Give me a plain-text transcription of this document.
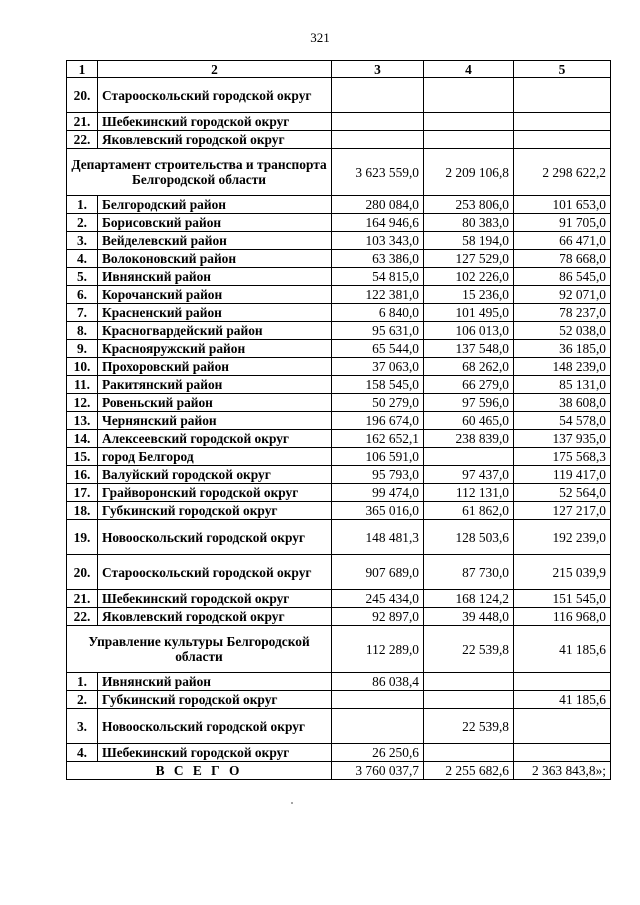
321
1	2	3	4	5
20.	Старооскольский городской округ			
21.	Шебекинский городской округ			
22.	Яковлевский городской округ			
Департамент строительства и транспорта Белгородской области		3 623 559,0	2 209 106,8	2 298 622,2
1.	Белгородский район	280 084,0	253 806,0	101 653,0
2.	Борисовский район	164 946,6	80 383,0	91 705,0
3.	Вейделевский район	103 343,0	58 194,0	66 471,0
4.	Волоконовский район	63 386,0	127 529,0	78 668,0
5.	Ивнянский район	54 815,0	102 226,0	86 545,0
6.	Корочанский район	122 381,0	15 236,0	92 071,0
7.	Красненский район	6 840,0	101 495,0	78 237,0
8.	Красногвардейский район	95 631,0	106 013,0	52 038,0
9.	Краснояружский район	65 544,0	137 548,0	36 185,0
10.	Прохоровский район	37 063,0	68 262,0	148 239,0
11.	Ракитянский район	158 545,0	66 279,0	85 131,0
12.	Ровеньский район	50 279,0	97 596,0	38 608,0
13.	Чернянский район	196 674,0	60 465,0	54 578,0
14.	Алексеевский городской округ	162 652,1	238 839,0	137 935,0
15.	город Белгород	106 591,0		175 568,3
16.	Валуйский городской округ	95 793,0	97 437,0	119 417,0
17.	Грайворонский городской округ	99 474,0	112 131,0	52 564,0
18.	Губкинский городской округ	365 016,0	61 862,0	127 217,0
19.	Новооскольский городской округ	148 481,3	128 503,6	192 239,0
20.	Старооскольский городской округ	907 689,0	87 730,0	215 039,9
21.	Шебекинский городской округ	245 434,0	168 124,2	151 545,0
22.	Яковлевский городской округ	92 897,0	39 448,0	116 968,0
Управление культуры Белгородской области		112 289,0	22 539,8	41 185,6
1.	Ивнянский район	86 038,4		
2.	Губкинский городской округ			41 185,6
3.	Новооскольский городской округ		22 539,8	
4.	Шебекинский городской округ	26 250,6		
В С Е Г О		3 760 037,7	2 255 682,6	2 363 843,8»;
